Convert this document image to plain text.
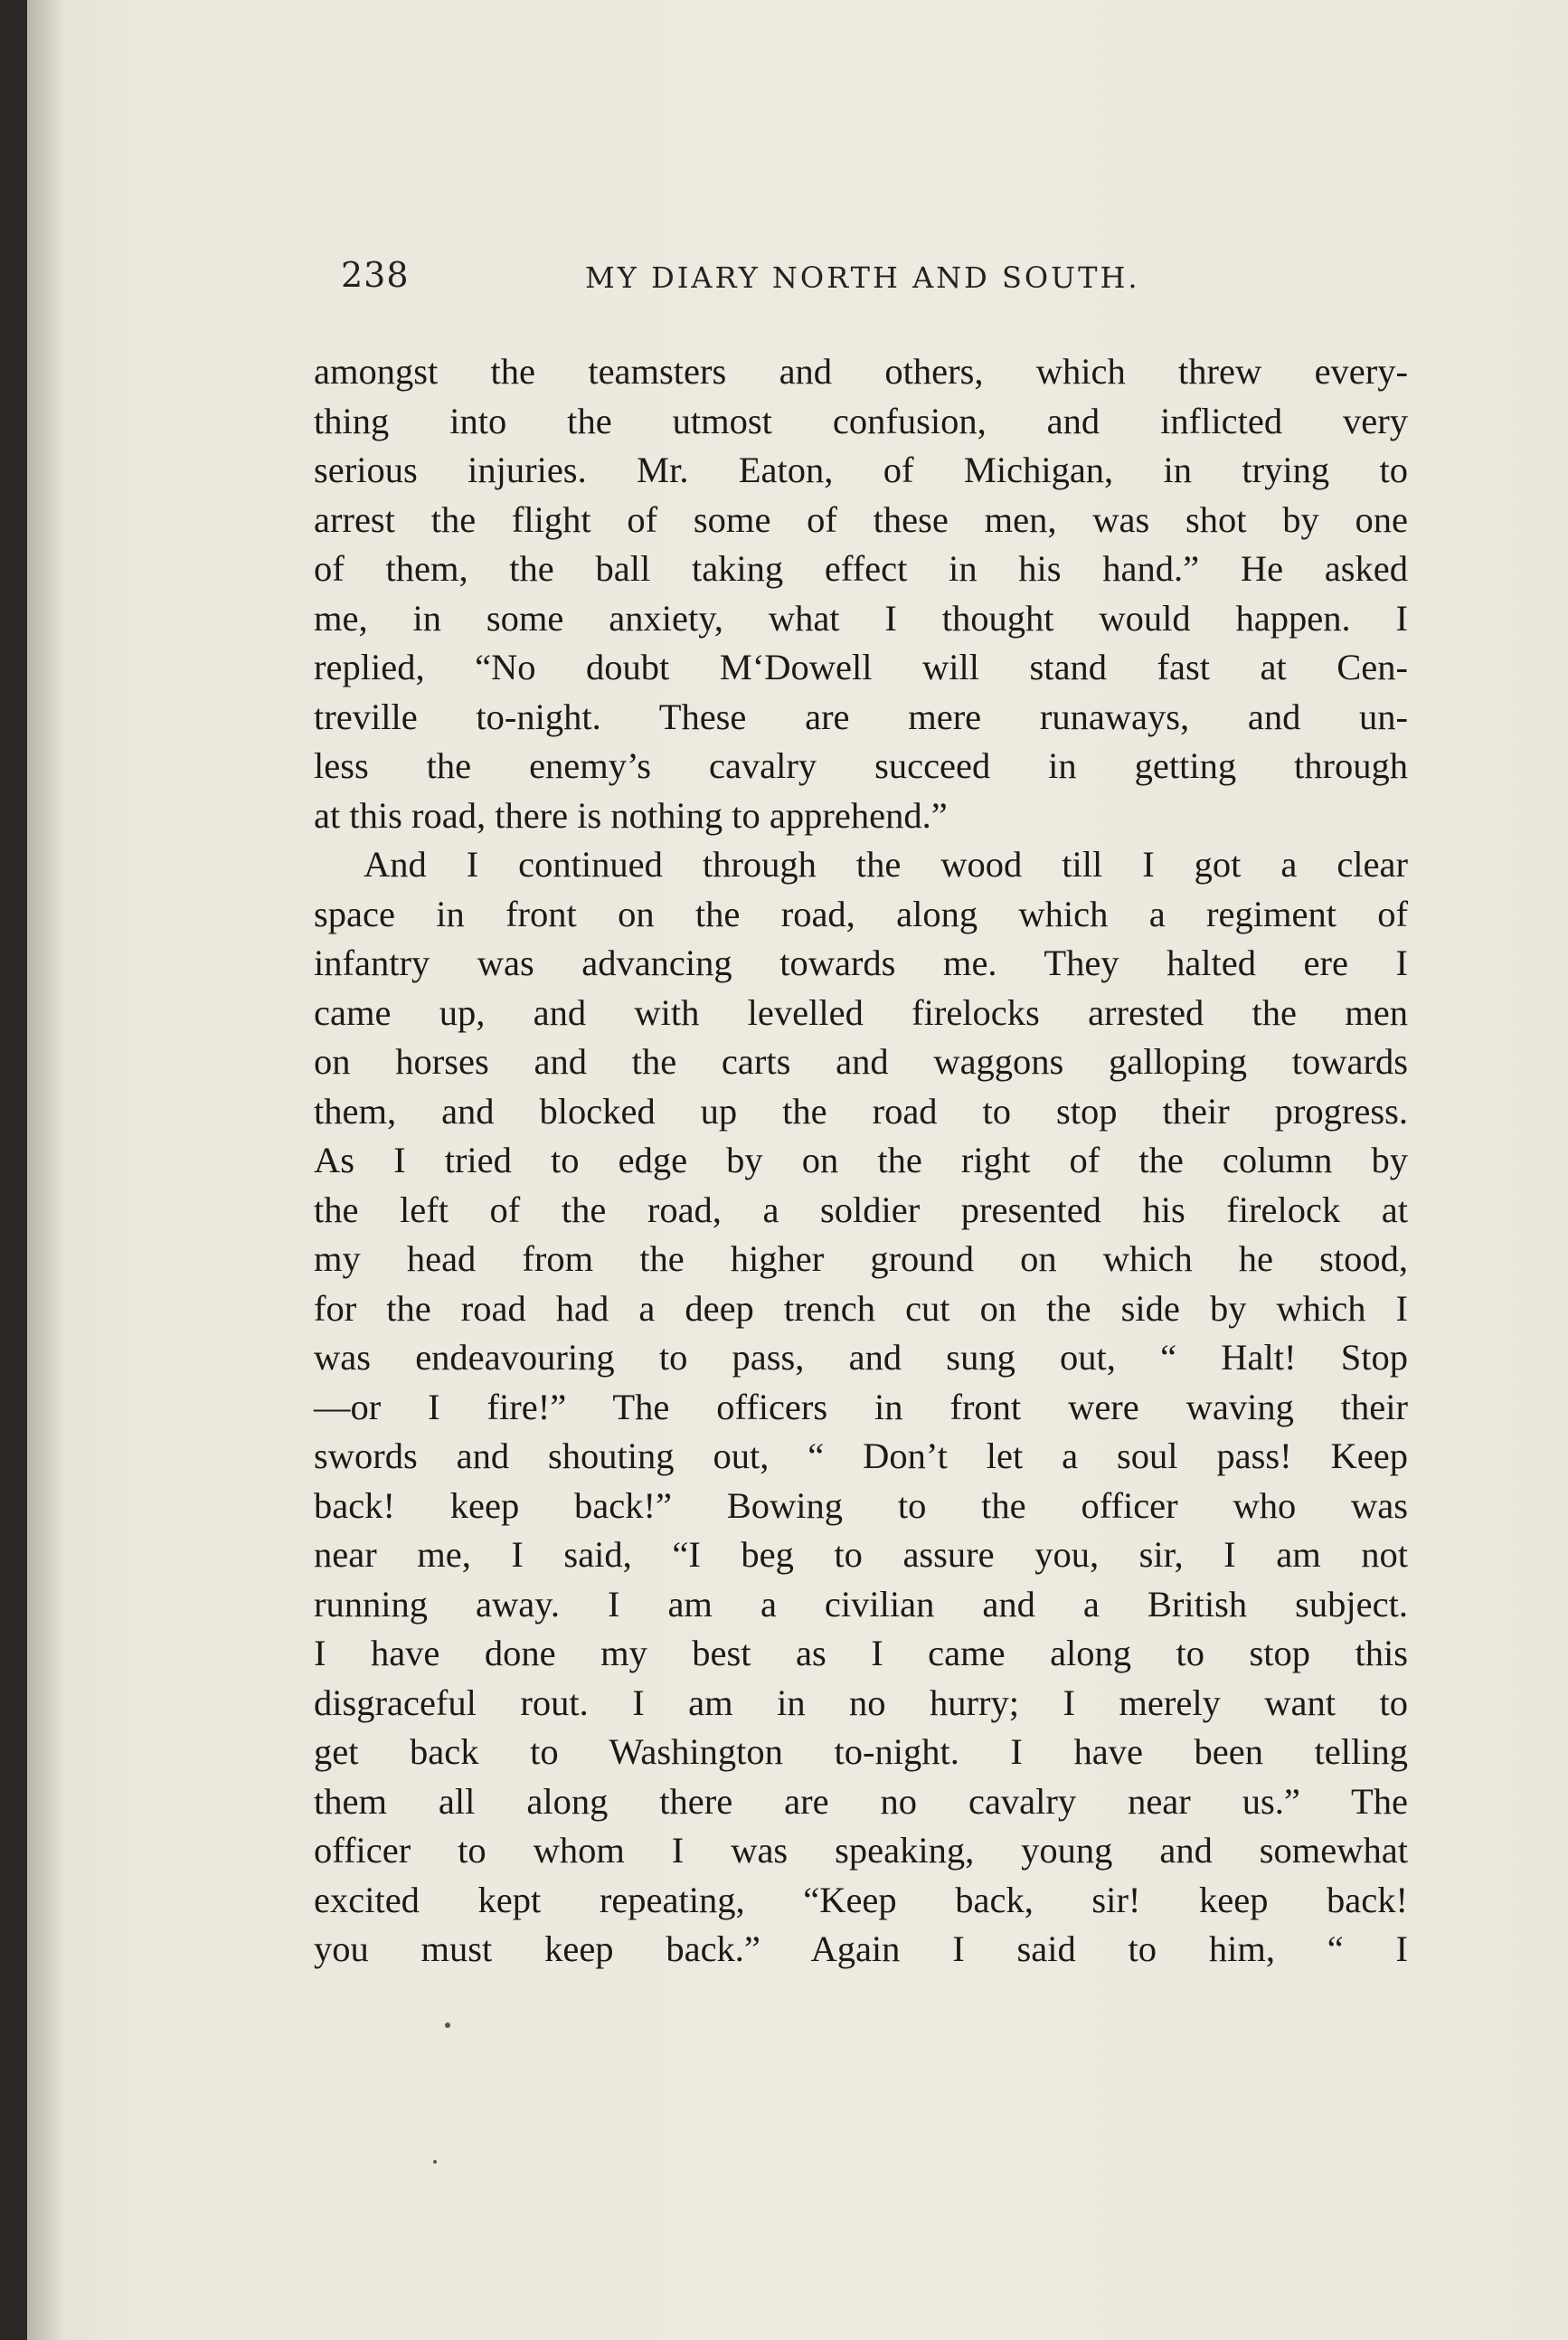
238	MY DIARY NORTH AND SOUTH.
amongst the teamsters and others, which threw every-
thing into the utmost confusion, and inflicted very
serious injuries. Mr. Eaton, of Michigan, in trying to
arrest the flight of some of these men, was shot by one
of them, the ball taking effect in his hand.” He asked
me, in some anxiety, what I thought would happen. I
replied, “No doubt M‘Dowell will stand fast at Cen-
treville to-night. These are mere runaways, and un-
less the enemy’s cavalry succeed in getting through
at this road, there is nothing to apprehend.”
And I continued through the wood till I got a clear
space in front on the road, along which a regiment of
infantry was advancing towards me. They halted ere I
came up, and with levelled firelocks arrested the men
on horses and the carts and waggons galloping towards
them, and blocked up the road to stop their progress.
As I tried to edge by on the right of the column by
the left of the road, a soldier presented his firelock at
my head from the higher ground on which he stood,
for the road had a deep trench cut on the side by which I
was endeavouring to pass, and sung out, “ Halt! Stop
—or I fire!” The officers in front were waving their
swords and shouting out, “ Don’t let a soul pass! Keep
back! keep back!” Bowing to the officer who was
near me, I said, “I beg to assure you, sir, I am not
running away. I am a civilian and a British subject.
I have done my best as I came along to stop this
disgraceful rout. I am in no hurry; I merely want to
get back to Washington to-night. I have been telling
them all along there are no cavalry near us.” The
officer to whom I was speaking, young and somewhat
excited kept repeating, “Keep back, sir! keep back!
you must keep back.” Again I said to him, “ I
